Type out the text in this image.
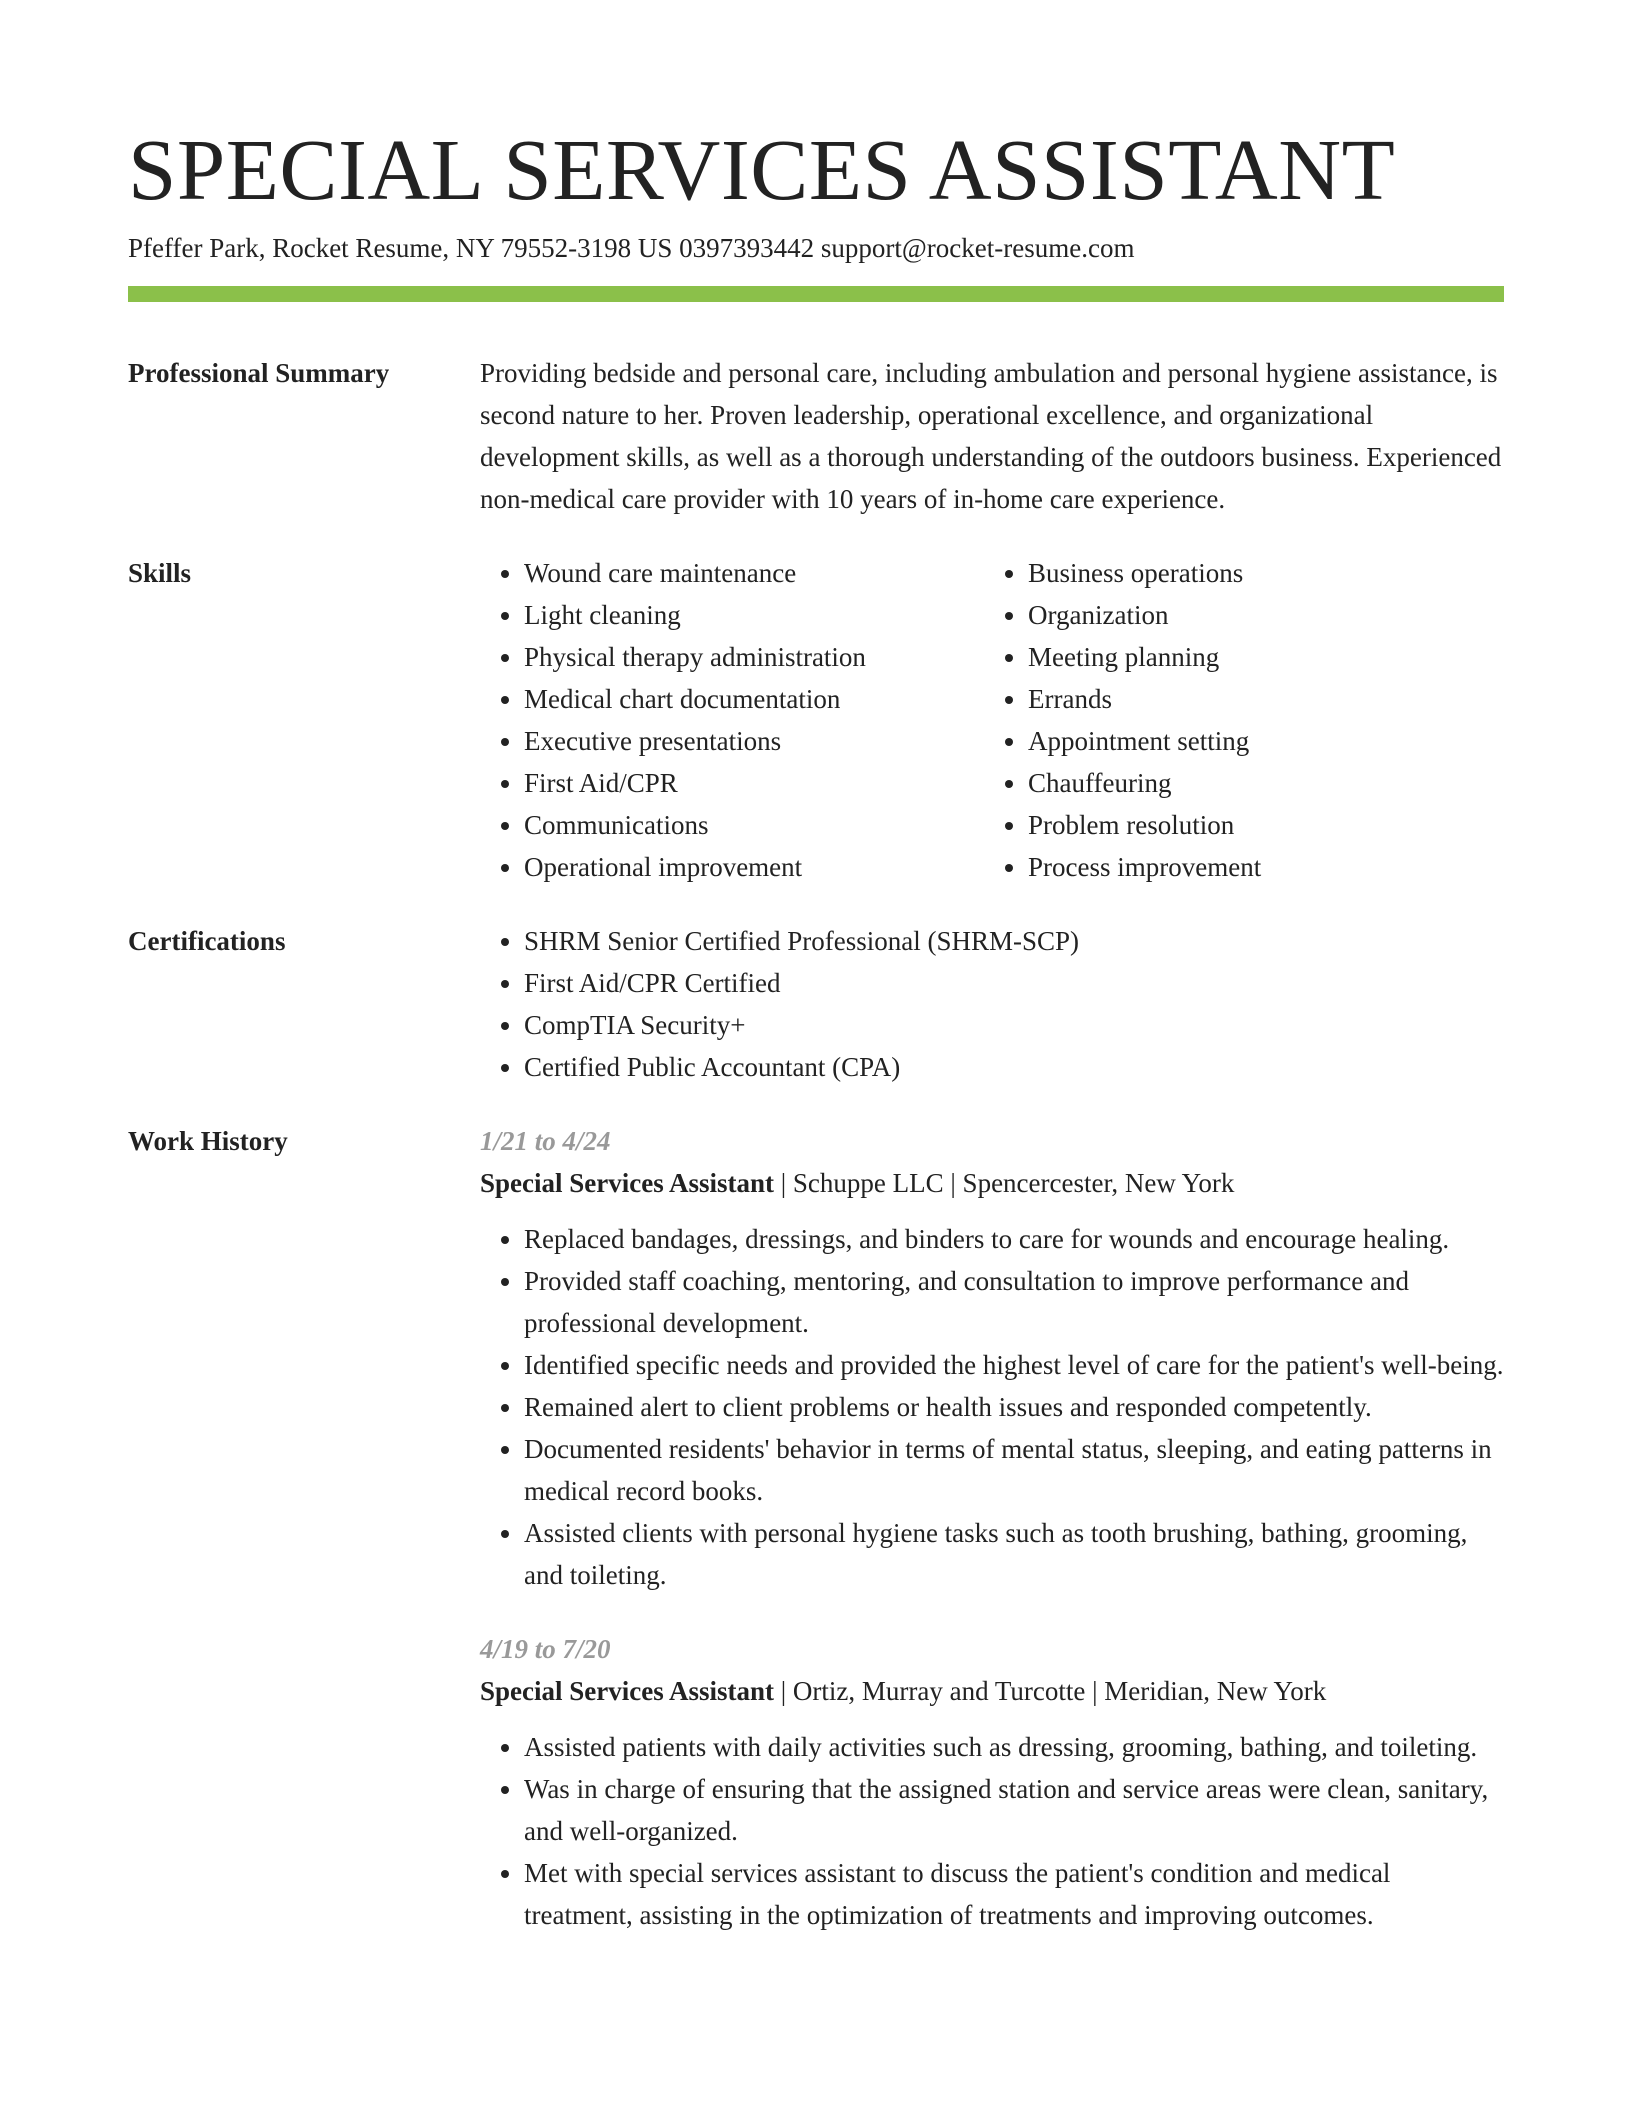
SPECIAL SERVICES ASSISTANT
Pfeffer Park, Rocket Resume, NY 79552-3198 US 0397393442 support@rocket-resume.com
Professional Summary	Providing bedside and personal care, including ambulation and personal hygiene assistance, is second nature to her. Proven leadership, operational excellence, and organizational development skills, as well as a thorough understanding of the outdoors business. Experienced non-medical care provider with 10 years of in-home care experience.

Skills	• Wound care maintenance
• Light cleaning
• Physical therapy administration
• Medical chart documentation
• Executive presentations
• First Aid/CPR
• Communications
• Operational improvement
• Business operations
• Organization
• Meeting planning
• Errands
• Appointment setting
• Chauffeuring
• Problem resolution
• Process improvement
Certifications	• SHRM Senior Certified Professional (SHRM-SCP)
• First Aid/CPR Certified
• CompTIA Security+
• Certified Public Accountant (CPA)
Work History	1/21 to 4/24
Special Services Assistant | Schuppe LLC | Spencercester, New York
• Replaced bandages, dressings, and binders to care for wounds and encourage healing.
• Provided staff coaching, mentoring, and consultation to improve performance and professional development.
• Identified specific needs and provided the highest level of care for the patient's well-being.
• Remained alert to client problems or health issues and responded competently.
• Documented residents' behavior in terms of mental status, sleeping, and eating patterns in medical record books.
• Assisted clients with personal hygiene tasks such as tooth brushing, bathing, grooming, and toileting.
4/19 to 7/20
Special Services Assistant | Ortiz, Murray and Turcotte | Meridian, New York
• Assisted patients with daily activities such as dressing, grooming, bathing, and toileting.
• Was in charge of ensuring that the assigned station and service areas were clean, sanitary, and well-organized.
• Met with special services assistant to discuss the patient's condition and medical treatment, assisting in the optimization of treatments and improving outcomes.
